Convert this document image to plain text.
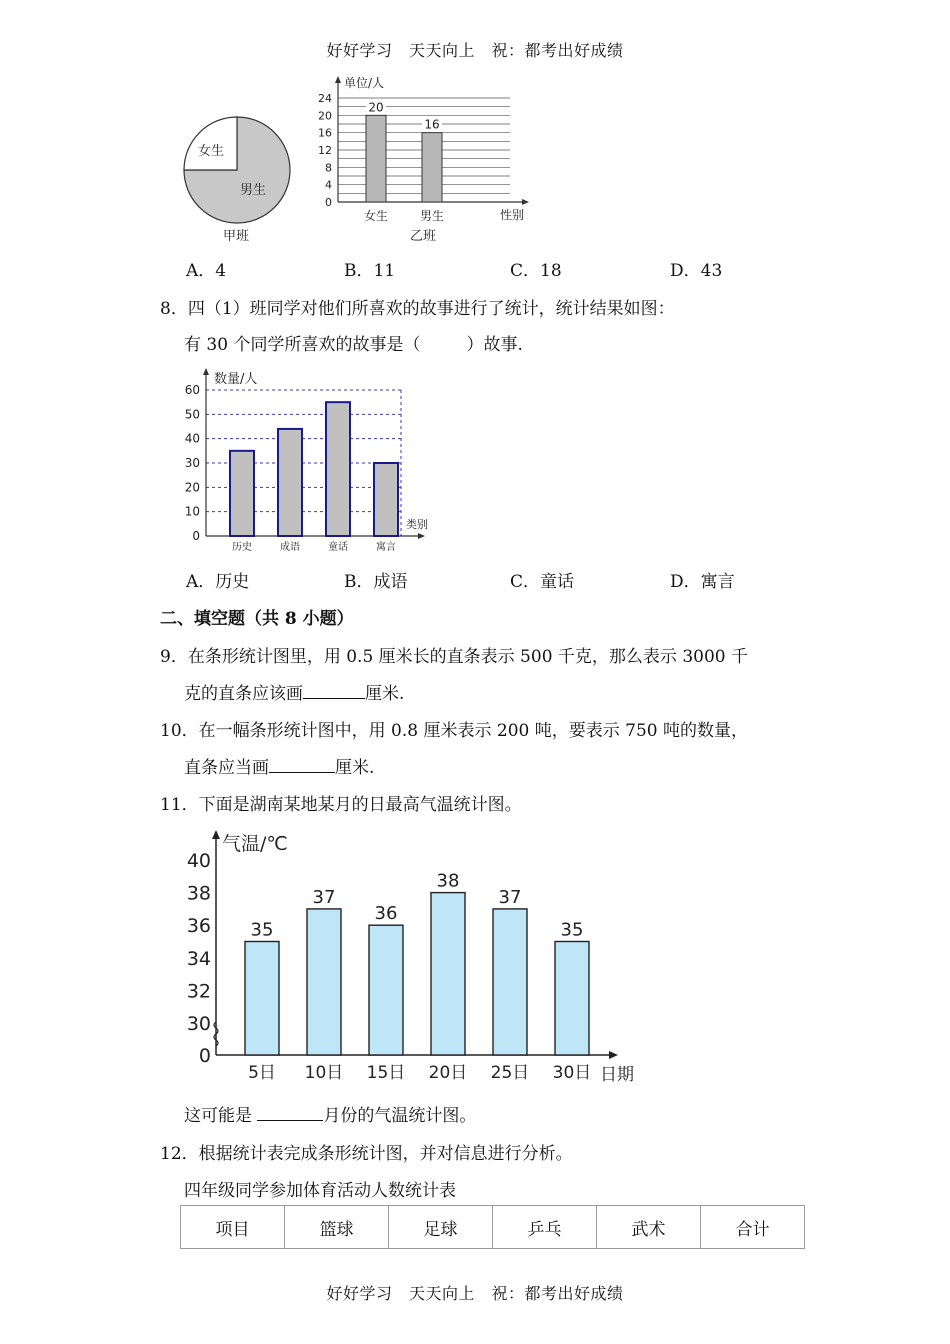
好好学习　天天向上　祝：都考出好成绩
女生
男生
甲班
0
4
8
12
16
20
24
20
女生
16
男生
单位/人
性别
乙班
A．4	B．11	C．18	D．43
8．四（1）班同学对他们所喜欢的故事进行了统计，统计结果如图：
有 30 个同学所喜欢的故事是（	）故事.
0
10
20
30
40
50
60
历史	成语	童话	寓言
数量/人
类别
A．历史	B．成语	C．童话	D．寓言
二、填空题（共 8 小题）
9．在条形统计图里，用 0.5 厘米长的直条表示 500 千克，那么表示 3000 千
克的直条应该画	厘米.
10．在一幅条形统计图中，用 0.8 厘米表示 200 吨，要表示 750 吨的数量，
直条应当画	厘米.
11．下面是湖南某地某月的日最高气温统计图。
0
30
32
34
36
38
40
35
5日
37
10日
36
15日
38
20日
37
25日
35
30日
气温/℃
日期
这可能是	月份的气温统计图。
12．根据统计表完成条形统计图，并对信息进行分析。
四年级同学参加体育活动人数统计表
项目	篮球	足球	乒乓	武术	合计
好好学习　天天向上　祝：都考出好成绩
